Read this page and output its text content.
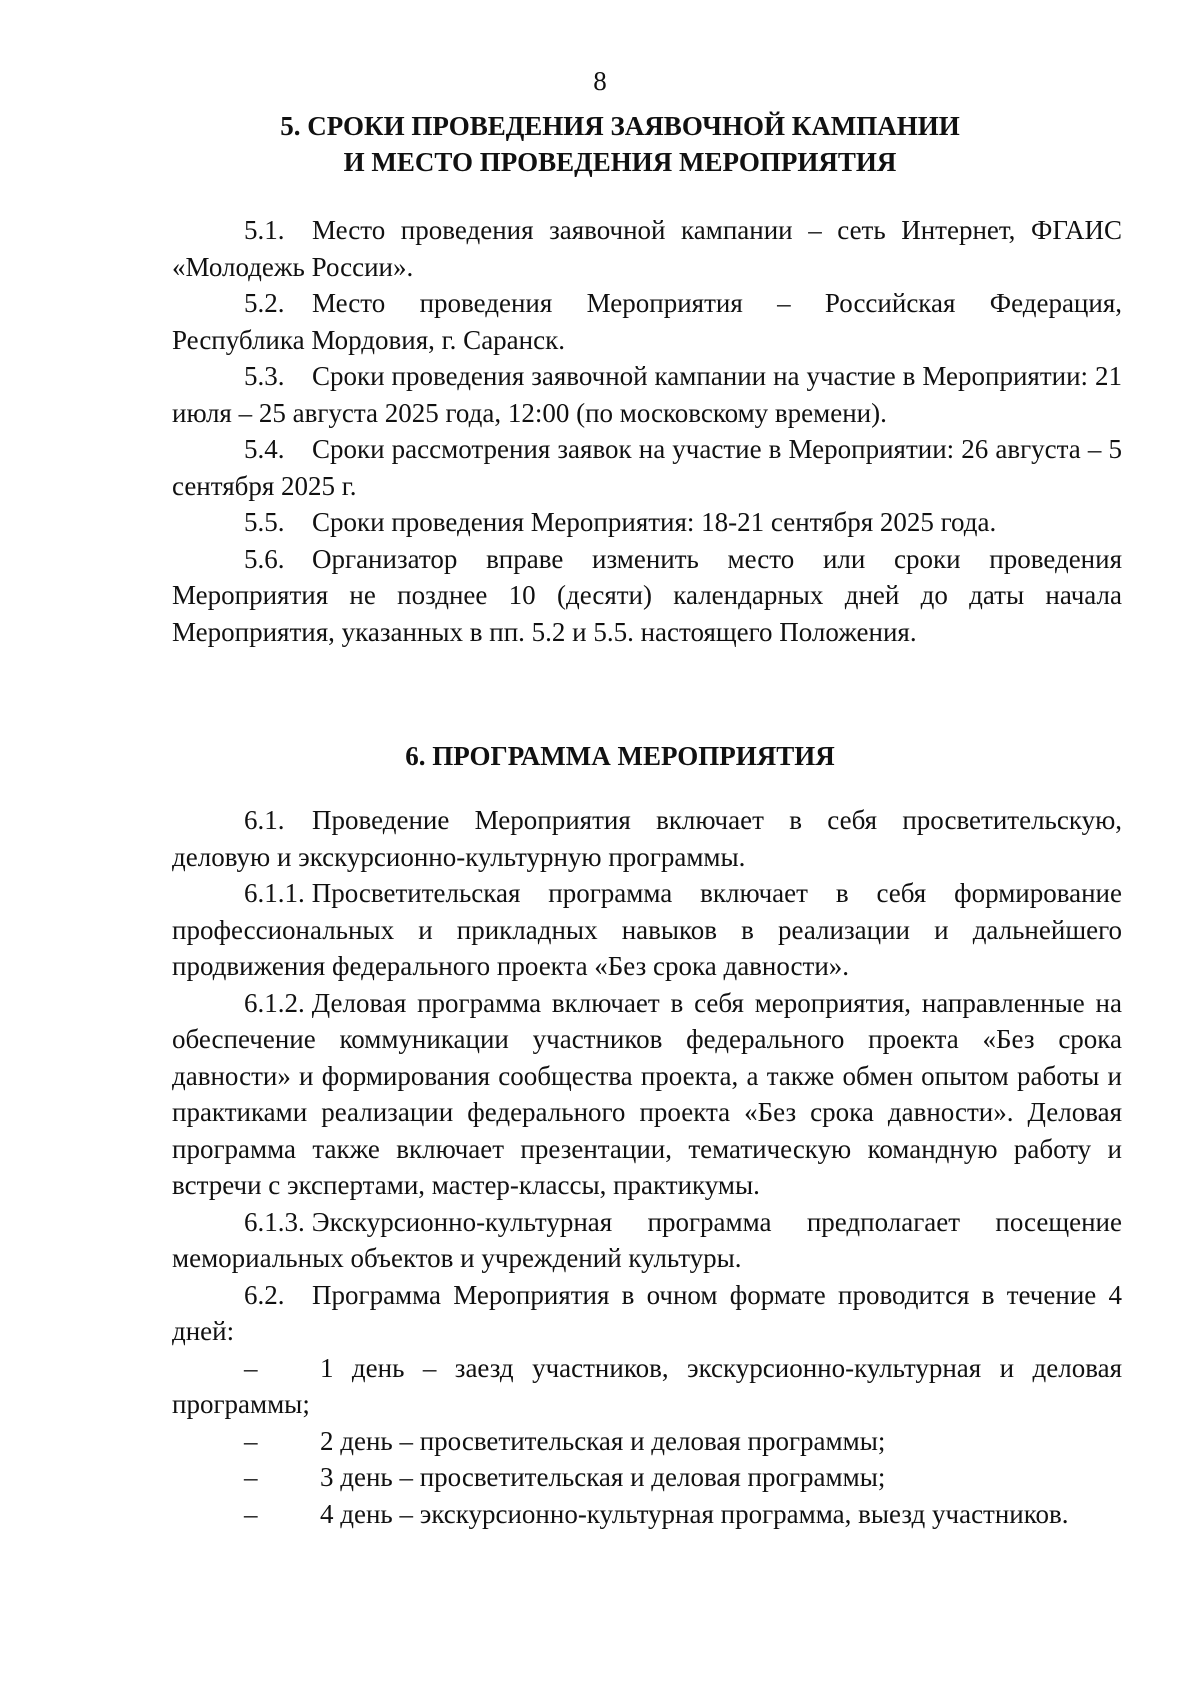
8
5. СРОКИ ПРОВЕДЕНИЯ ЗАЯВОЧНОЙ КАМПАНИИ
И МЕСТО ПРОВЕДЕНИЯ МЕРОПРИЯТИЯ

5.1. Место проведения заявочной кампании – сеть Интернет, ФГАИС «Молодежь России».

5.2. Место проведения Мероприятия – Российская Федерация, Республика Мордовия, г. Саранск.

5.3. Сроки проведения заявочной кампании на участие в Мероприятии: 21 июля – 25 августа 2025 года, 12:00 (по московскому времени).

5.4. Сроки рассмотрения заявок на участие в Мероприятии: 26 августа – 5 сентября 2025 г.

5.5. Сроки проведения Мероприятия: 18-21 сентября 2025 года.

5.6. Организатор вправе изменить место или сроки проведения Мероприятия не позднее 10 (десяти) календарных дней до даты начала Мероприятия, указанных в пп. 5.2 и 5.5. настоящего Положения.

6. ПРОГРАММА МЕРОПРИЯТИЯ

6.1. Проведение Мероприятия включает в себя просветительскую, деловую и экскурсионно-культурную программы.

6.1.1. Просветительская программа включает в себя формирование профессиональных и прикладных навыков в реализации и дальнейшего продвижения федерального проекта «Без срока давности».

6.1.2. Деловая программа включает в себя мероприятия, направленные на обеспечение коммуникации участников федерального проекта «Без срока давности» и формирования сообщества проекта, а также обмен опытом работы и практиками реализации федерального проекта «Без срока давности». Деловая программа также включает презентации, тематическую командную работу и встречи с экспертами, мастер-классы, практикумы.

6.1.3. Экскурсионно-культурная программа предполагает посещение мемориальных объектов и учреждений культуры.

6.2. Программа Мероприятия в очном формате проводится в течение 4 дней:

– 1 день – заезд участников, экскурсионно-культурная и деловая программы;

– 2 день – просветительская и деловая программы;

– 3 день – просветительская и деловая программы;

– 4 день – экскурсионно-культурная программа, выезд участников.
